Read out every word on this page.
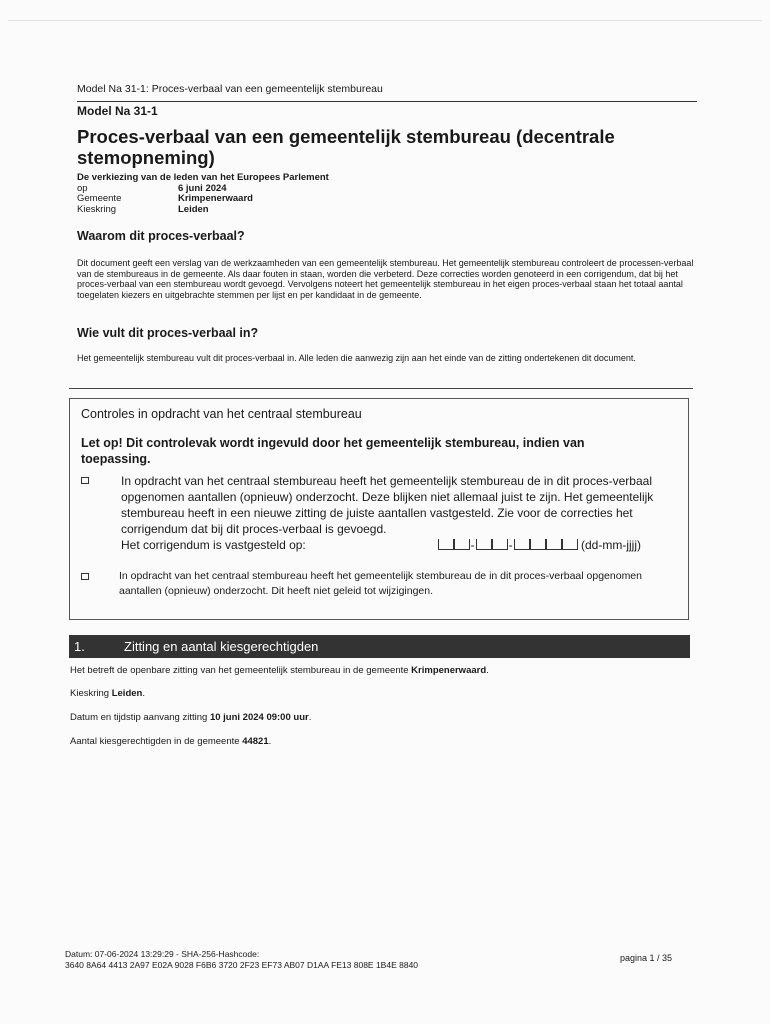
Model Na 31-1: Proces-verbaal van een gemeentelijk stembureau
Model Na 31-1
Proces-verbaal van een gemeentelijk stembureau (decentrale stemopneming)
De verkiezing van de leden van het Europees Parlement
op	6 juni 2024
Gemeente	Krimpenerwaard
Kieskring	Leiden
Waarom dit proces-verbaal?

Dit document geeft een verslag van de werkzaamheden van een gemeentelijk stembureau. Het gemeentelijk stembureau controleert de processen-verbaal van de stembureaus in de gemeente. Als daar fouten in staan, worden die verbeterd. Deze correcties worden genoteerd in een corrigendum, dat bij het proces-verbaal van een stembureau wordt gevoegd. Vervolgens noteert het gemeentelijk stembureau in het eigen proces-verbaal staan het totaal aantal toegelaten kiezers en uitgebrachte stemmen per lijst en per kandidaat in de gemeente.

Wie vult dit proces-verbaal in?

Het gemeentelijk stembureau vult dit proces-verbaal in. Alle leden die aanwezig zijn aan het einde van de zitting ondertekenen dit document.

Controles in opdracht van het centraal stembureau

Let op! Dit controlevak wordt ingevuld door het gemeentelijk stembureau, indien van toepassing.

In opdracht van het centraal stembureau heeft het gemeentelijk stembureau de in dit proces-verbaal opgenomen aantallen (opnieuw) onderzocht. Deze blijken niet allemaal juist te zijn. Het gemeentelijk stembureau heeft in een nieuwe zitting de juiste aantallen vastgesteld. Zie voor de correcties het corrigendum dat bij dit proces-verbaal is gevoegd.
Het corrigendum is vastgesteld op:	-	-	(dd-mm-jjjj)
In opdracht van het centraal stembureau heeft het gemeentelijk stembureau de in dit proces-verbaal opgenomen aantallen (opnieuw) onderzocht. Dit heeft niet geleid tot wijzigingen.
1.	Zitting en aantal kiesgerechtigden

Het betreft de openbare zitting van het gemeentelijk stembureau in de gemeente Krimpenerwaard.

Kieskring Leiden.

Datum en tijdstip aanvang zitting 10 juni 2024 09:00 uur.

Aantal kiesgerechtigden in de gemeente 44821.

Datum: 07-06-2024 13:29:29 - SHA-256-Hashcode:
3640 8A64 4413 2A97 E02A 9028 F6B6 3720 2F23 EF73 AB07 D1AA FE13 808E 1B4E 8840
pagina 1 / 35
